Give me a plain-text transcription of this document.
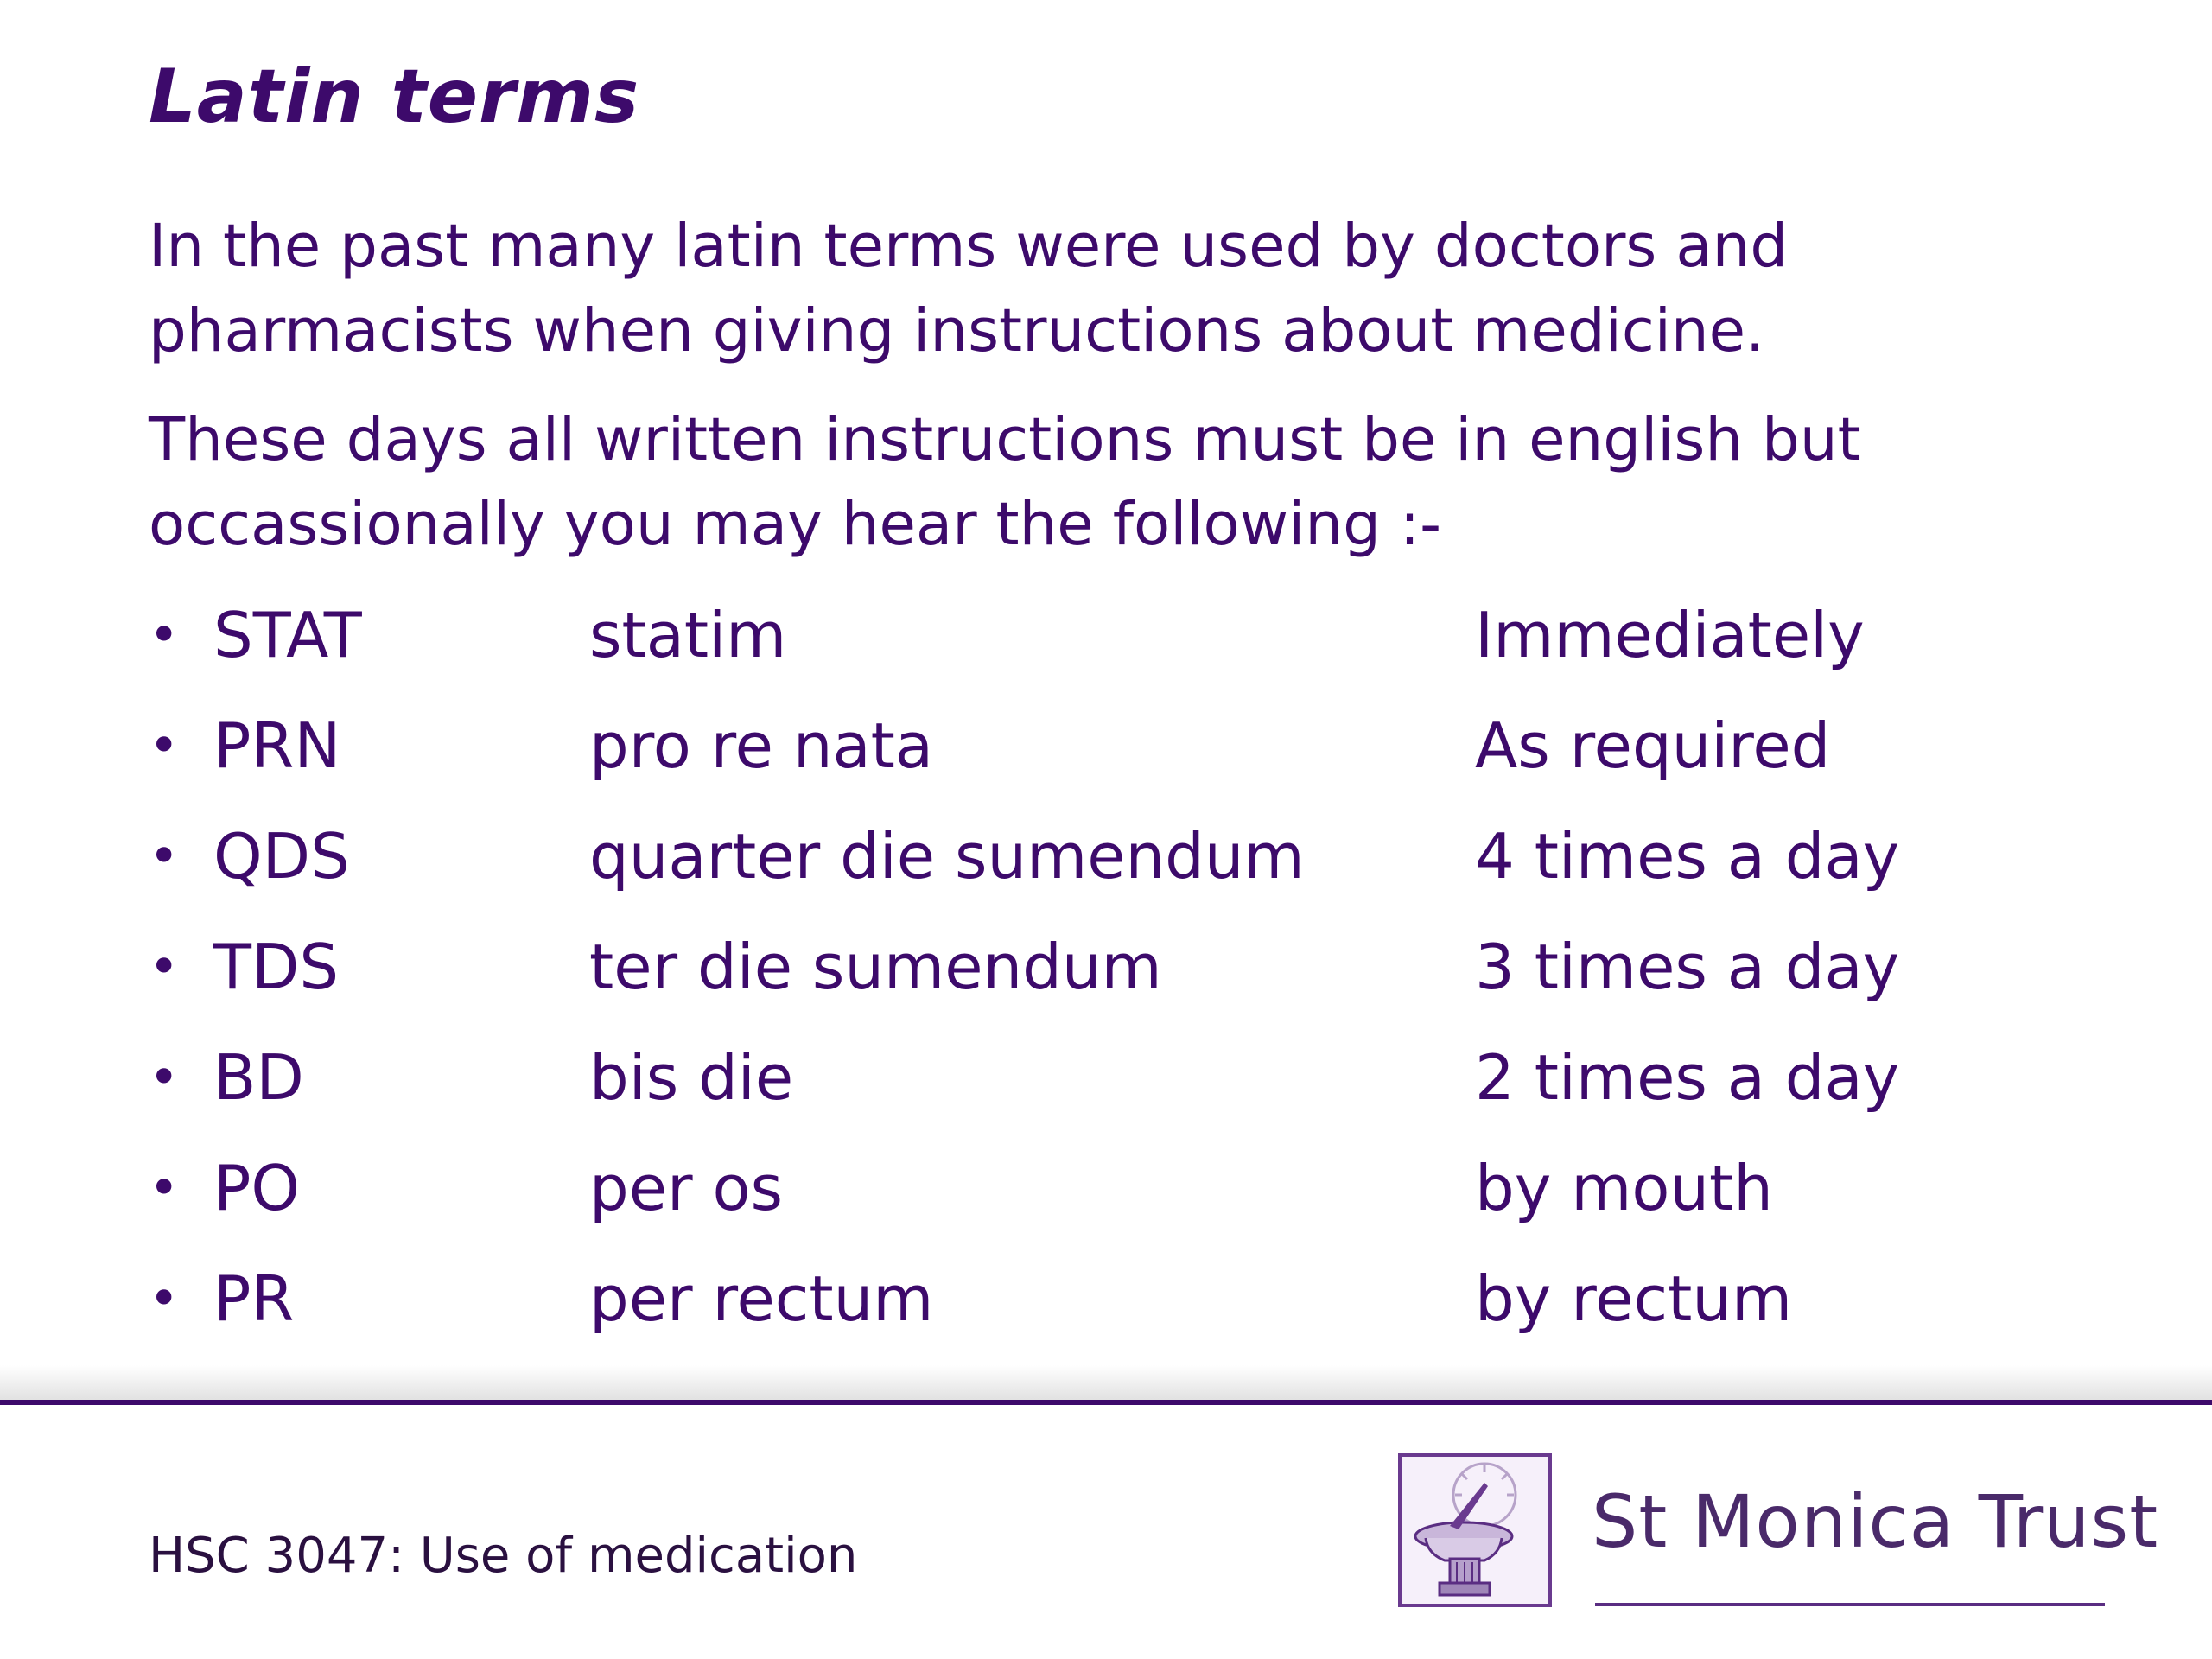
Latin terms

In the past many latin terms were used by doctors and pharmacists when giving instructions about medicine.

These days all written instructions must be in english but occassionally you may hear the following :-

• STAT	statim	Immediately
• PRN	pro re nata	As required
• QDS	quarter die sumendum	4 times a day
• TDS	ter die sumendum	3 times a day
• BD	bis die	2 times a day
• PO	per os	by mouth
• PR	per rectum	by rectum
HSC 3047: Use of medication	St Monica Trust
